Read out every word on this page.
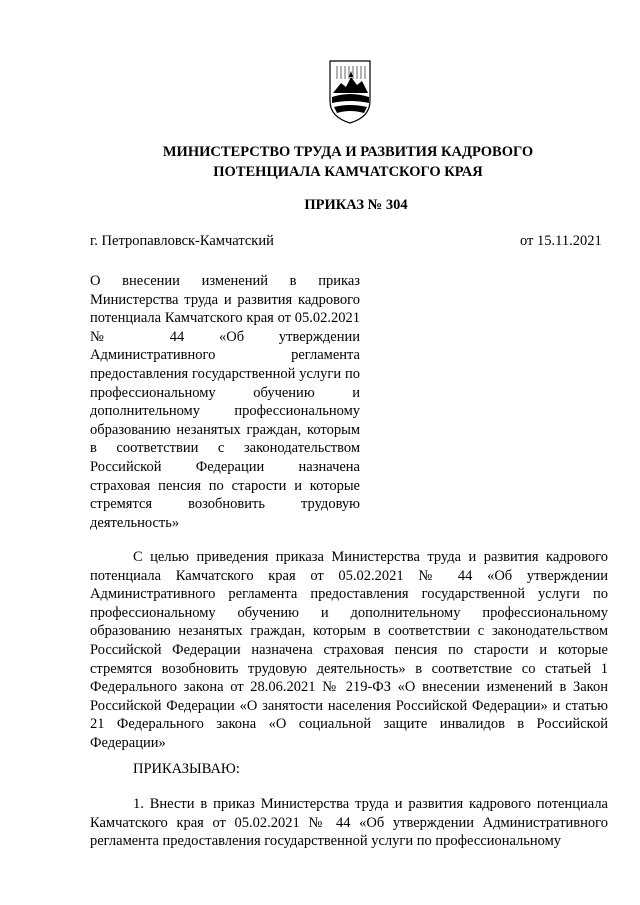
МИНИСТЕРСТВО ТРУДА И РАЗВИТИЯ КАДРОВОГО
ПОТЕНЦИАЛА КАМЧАТСКОГО КРАЯ
ПРИКАЗ № 304
г. Петропавловск-Камчатский	от 15.11.2021
О внесении изменений в приказ Министерства труда и развития кадрового потенциала Камчатского края от 05.02.2021 № 44 «Об утверждении Административного регламента предоставления государственной услуги по профессиональному обучению и дополнительному профессиональному образованию незанятых граждан, которым в соответствии с законодательством Российской Федерации назначена страховая пенсия по старости и которые стремятся возобновить трудовую деятельность»
С целью приведения приказа Министерства труда и развития кадрового потенциала Камчатского края от 05.02.2021 № 44 «Об утверждении Административного регламента предоставления государственной услуги по профессиональному обучению и дополнительному профессиональному образованию незанятых граждан, которым в соответствии с законодательством Российской Федерации назначена страховая пенсия по старости и которые стремятся возобновить трудовую деятельность» в соответствие со статьей 1 Федерального закона от 28.06.2021 № 219-ФЗ «О внесении изменений в Закон Российской Федерации «О занятости населения Российской Федерации» и статью 21 Федерального закона «О социальной защите инвалидов в Российской Федерации»
ПРИКАЗЫВАЮ:
1. Внести в приказ Министерства труда и развития кадрового потенциала Камчатского края от 05.02.2021 № 44 «Об утверждении Административного регламента предоставления государственной услуги по профессиональному
